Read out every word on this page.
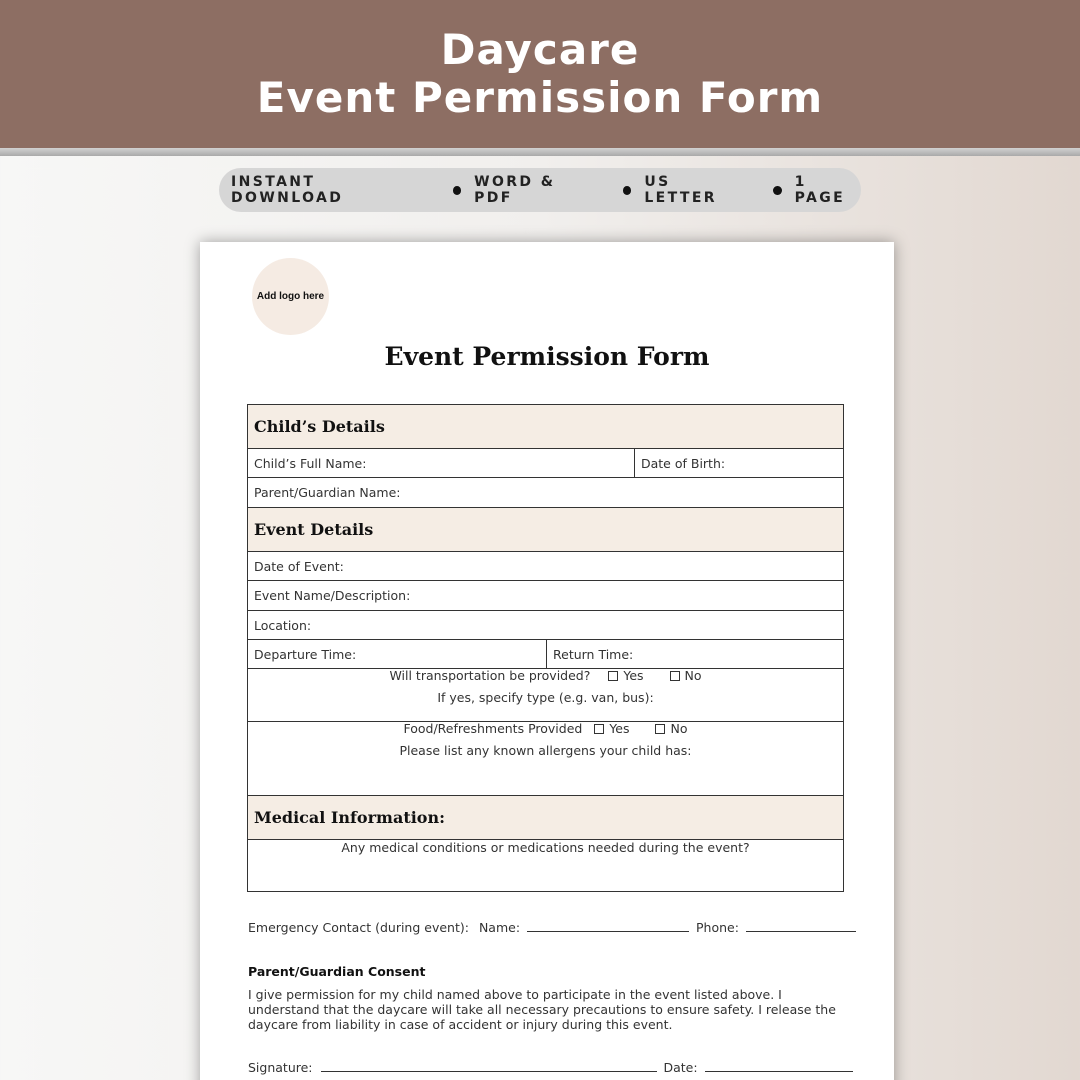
Daycare
Event Permission Form
INSTANT DOWNLOAD
WORD & PDF
US LETTER
1 PAGE
Add logo here
Event Permission Form
Child’s Details
Child’s Full Name:	Date of Birth:
Parent/Guardian Name:
Event Details
Date of Event:
Event Name/Description:
Location:
Departure Time:	Return Time:
Will transportation be provided?	Yes	No
If yes, specify type (e.g. van, bus):
Food/Refreshments Provided Yes	No
Please list any known allergens your child has:
Medical Information:
Any medical conditions or medications needed during the event?
Emergency Contact (during event): Name:	Phone:
Parent/Guardian Consent
I give permission for my child named above to participate in the event listed above. I understand that the daycare will take all necessary precautions to ensure safety. I release the daycare from liability in case of accident or injury during this event.
Signature:	Date:
